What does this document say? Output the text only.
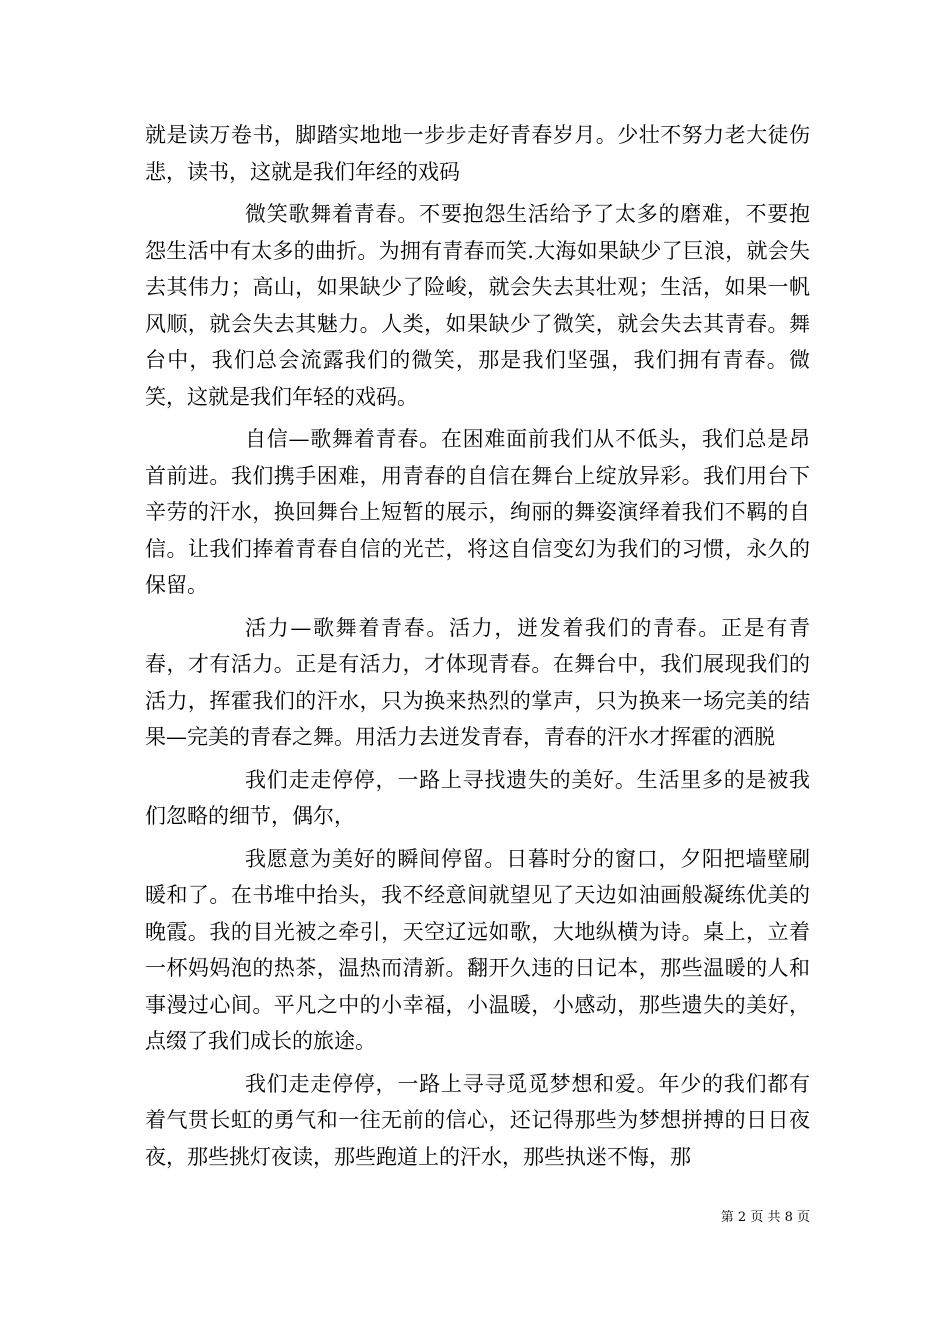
就是读万卷书，脚踏实地地一步步走好青春岁月。少壮不努力老大徒伤悲，读书，这就是我们年经的戏码

微笑歌舞着青春。不要抱怨生活给予了太多的磨难，不要抱怨生活中有太多的曲折。为拥有青春而笑.大海如果缺少了巨浪，就会失去其伟力；高山，如果缺少了险峻，就会失去其壮观；生活，如果一帆风顺，就会失去其魅力。人类，如果缺少了微笑，就会失去其青春。舞台中，我们总会流露我们的微笑，那是我们坚强，我们拥有青春。微笑，这就是我们年轻的戏码。

自信—歌舞着青春。在困难面前我们从不低头，我们总是昂首前进。我们携手困难，用青春的自信在舞台上绽放异彩。我们用台下辛劳的汗水，换回舞台上短暂的展示，绚丽的舞姿演绎着我们不羁的自信。让我们捧着青春自信的光芒，将这自信变幻为我们的习惯，永久的保留。

活力—歌舞着青春。活力，迸发着我们的青春。正是有青春，才有活力。正是有活力，才体现青春。在舞台中，我们展现我们的活力，挥霍我们的汗水，只为换来热烈的掌声，只为换来一场完美的结果—完美的青春之舞。用活力去迸发青春，青春的汗水才挥霍的洒脱

我们走走停停，一路上寻找遗失的美好。生活里多的是被我们忽略的细节，偶尔，

我愿意为美好的瞬间停留。日暮时分的窗口，夕阳把墙壁刷暖和了。在书堆中抬头，我不经意间就望见了天边如油画般凝练优美的晚霞。我的目光被之牵引，天空辽远如歌，大地纵横为诗。桌上，立着一杯妈妈泡的热茶，温热而清新。翻开久违的日记本，那些温暖的人和事漫过心间。平凡之中的小幸福，小温暖，小感动，那些遗失的美好，点缀了我们成长的旅途。

我们走走停停，一路上寻寻觅觅梦想和爱。年少的我们都有着气贯长虹的勇气和一往无前的信心，还记得那些为梦想拼搏的日日夜夜，那些挑灯夜读，那些跑道上的汗水，那些执迷不悔，那

第 2 页 共 8 页
